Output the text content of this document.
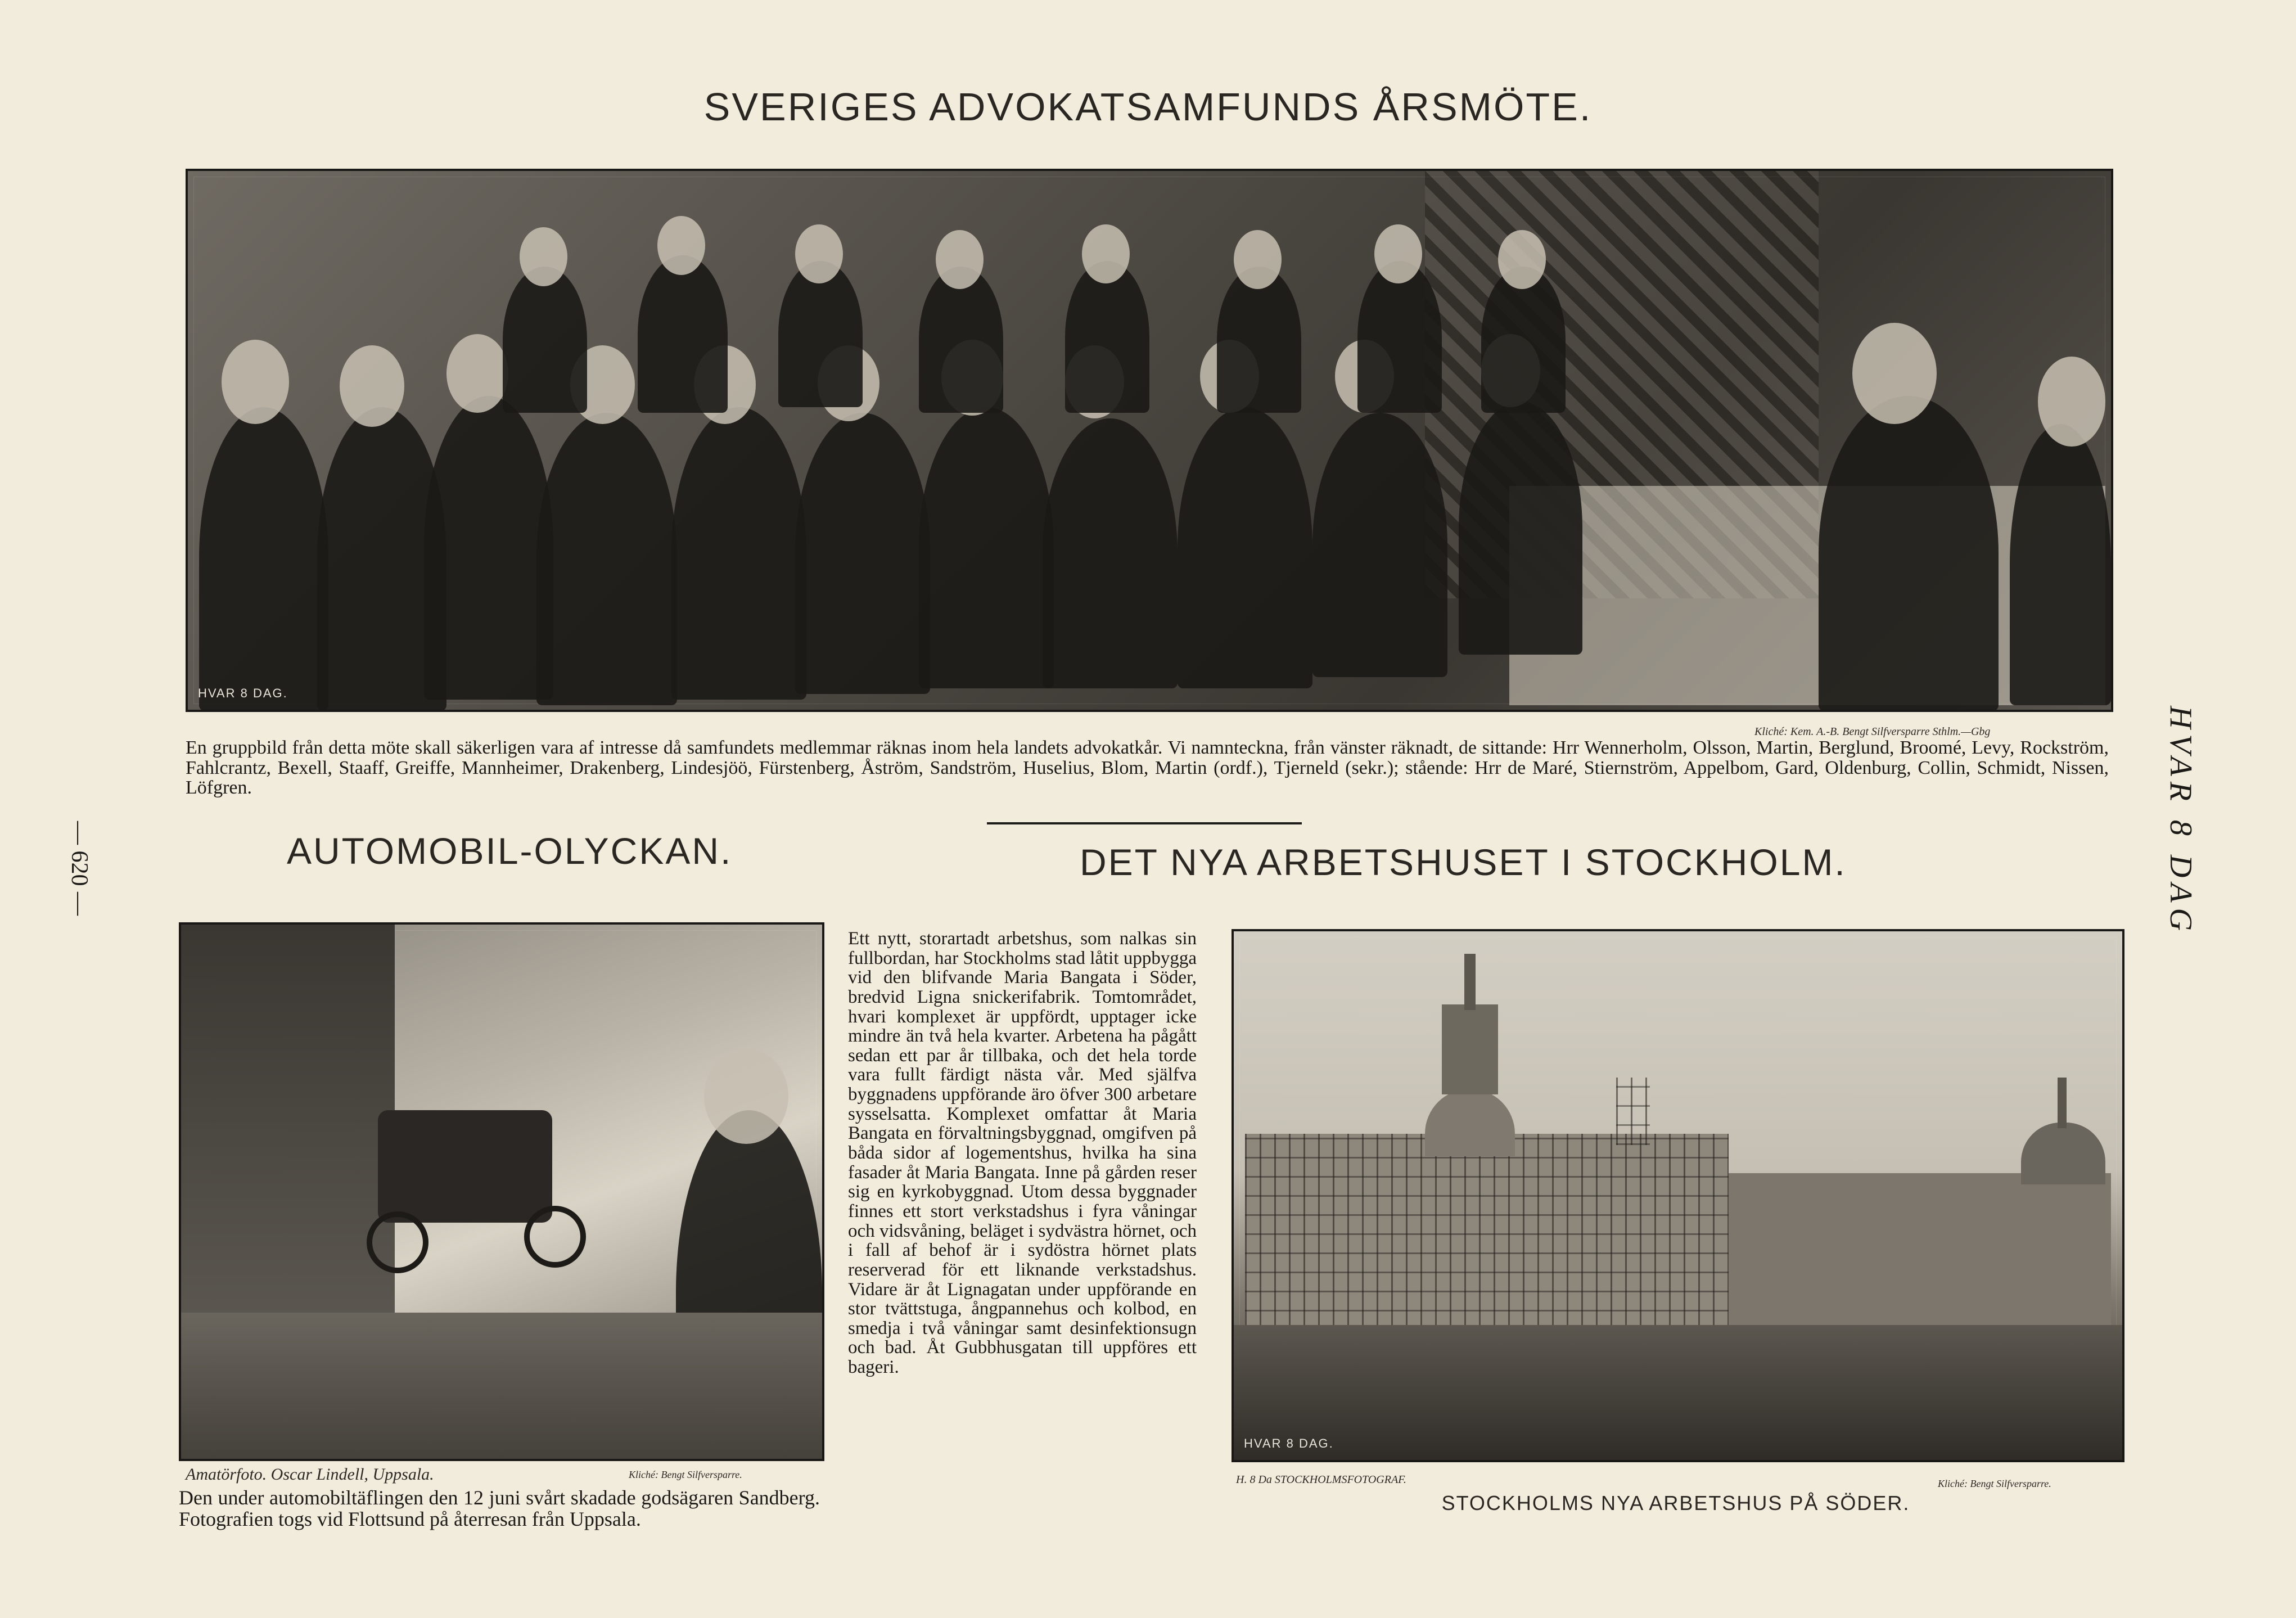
SVERIGES ADVOKATSAMFUNDS ÅRSMÖTE.
HVAR 8 DAG.
Kliché: Kem. A.-B. Bengt Silfversparre Sthlm.—Gbg
En gruppbild från detta möte skall säkerligen vara af intresse då samfundets medlemmar räknas inom hela landets advokatkår. Vi namnteckna, från vänster räknadt, de sittande: Hrr Wennerholm, Olsson, Martin, Berglund, Broomé, Levy, Rockström, Fahlcrantz, Bexell, Staaff, Greiffe, Mannheimer, Drakenberg, Lindesjöö, Fürstenberg, Åström, Sandström, Huselius, Blom, Martin (ordf.), Tjerneld (sekr.); stående: Hrr de Maré, Stiernström, Appelbom, Gard, Oldenburg, Collin, Schmidt, Nissen, Löfgren.
— 620 —	HVAR 8 DAG
AUTOMOBIL-OLYCKAN.	DET NYA ARBETSHUSET I STOCKHOLM.
Amatörfoto. Oscar Lindell, Uppsala.	Kliché: Bengt Silfversparre.
Den under automobiltäflingen den 12 juni svårt skadade godsägaren Sandberg. Fotografien togs vid Flottsund på återresan från Uppsala.
Ett nytt, storartadt arbetshus, som nalkas sin fullbordan, har Stockholms stad låtit uppbygga vid den blifvande Maria Bangata i Söder, bredvid Ligna snickerifabrik. Tomtområdet, hvari komplexet är uppfördt, upptager icke mindre än två hela kvarter. Arbetena ha pågått sedan ett par år tillbaka, och det hela torde vara fullt färdigt nästa vår. Med själfva byggnadens uppförande äro öfver 300 arbetare sysselsatta. Komplexet omfattar åt Maria Bangata en förvaltningsbyggnad, omgifven på båda sidor af logementshus, hvilka ha sina fasader åt Maria Bangata. Inne på gården reser sig en kyrkobyggnad. Utom dessa byggnader finnes ett stort verkstadshus i fyra våningar och vidsvåning, beläget i sydvästra hörnet, och i fall af behof är i sydöstra hörnet plats reserverad för ett liknande verkstadshus. Vidare är åt Lignagatan under uppförande en stor tvättstuga, ångpannehus och kolbod, en smedja i två våningar samt desinfektionsugn och bad. Åt Gubbhusgatan till uppföres ett bageri.
HVAR 8 DAG.
H. 8 Da STOCKHOLMSFOTOGRAF.	Kliché: Bengt Silfversparre.
STOCKHOLMS NYA ARBETSHUS PÅ SÖDER.
